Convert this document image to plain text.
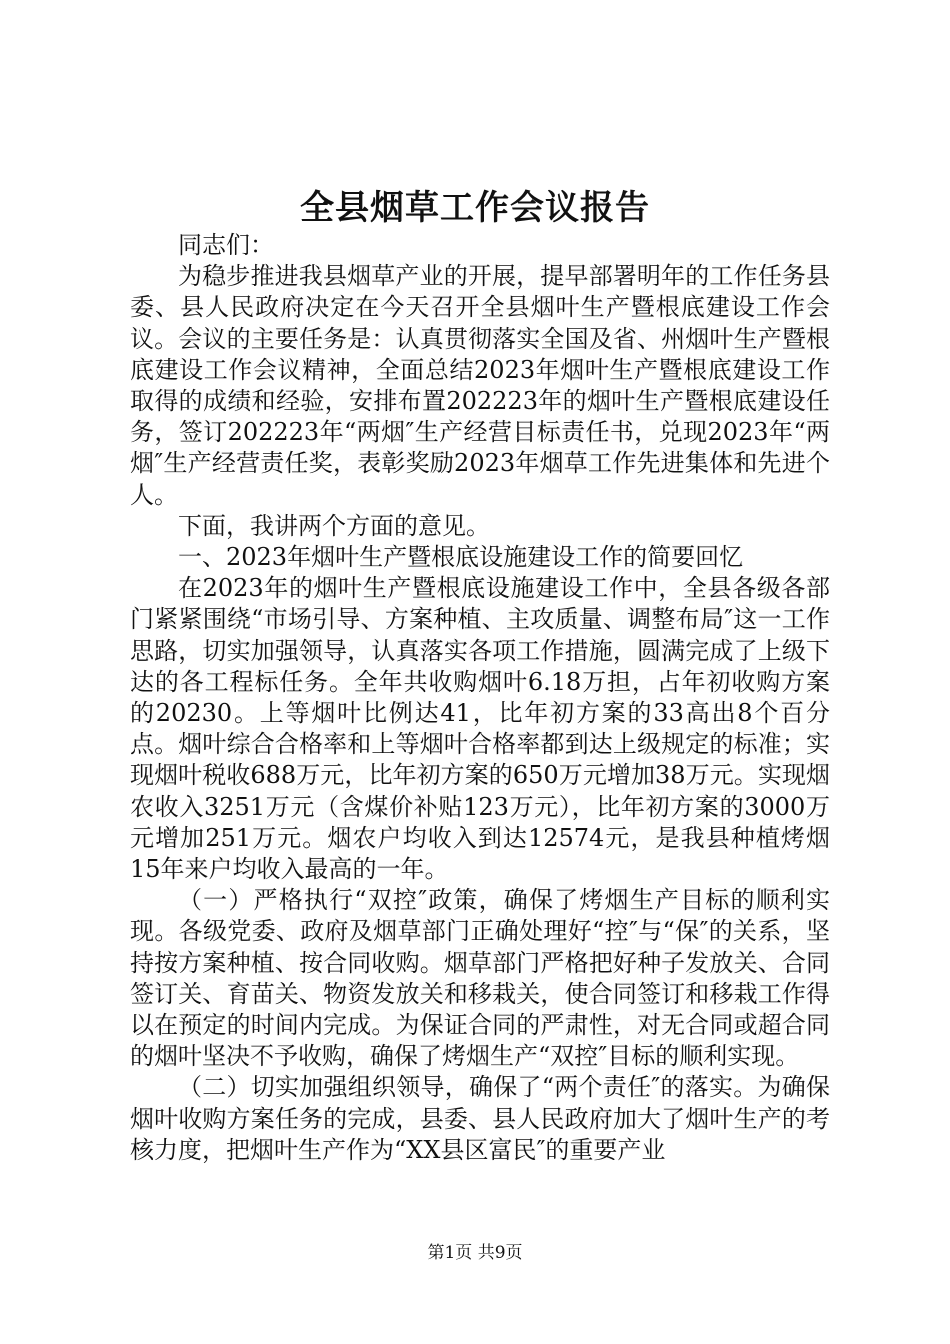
全县烟草工作会议报告

同志们：

为稳步推进我县烟草产业的开展，提早部署明年的工作任务县委、县人民政府决定在今天召开全县烟叶生产暨根底建设工作会议。会议的主要任务是：认真贯彻落实全国及省、州烟叶生产暨根底建设工作会议精神，全面总结2023年烟叶生产暨根底建设工作取得的成绩和经验，安排布置202223年的烟叶生产暨根底建设任务，签订202223年“两烟″生产经营目标责任书，兑现2023年“两烟″生产经营责任奖，表彰奖励2023年烟草工作先进集体和先进个人。

下面，我讲两个方面的意见。

一、2023年烟叶生产暨根底设施建设工作的简要回忆

在2023年的烟叶生产暨根底设施建设工作中，全县各级各部门紧紧围绕“市场引导、方案种植、主攻质量、调整布局″这一工作思路，切实加强领导，认真落实各项工作措施，圆满完成了上级下达的各工程标任务。全年共收购烟叶6.18万担，占年初收购方案的20230。上等烟叶比例达41，比年初方案的33高出8个百分点。烟叶综合合格率和上等烟叶合格率都到达上级规定的标准；实现烟叶税收688万元，比年初方案的650万元增加38万元。实现烟农收入3251万元（含煤价补贴123万元），比年初方案的3000万元增加251万元。烟农户均收入到达12574元，是我县种植烤烟15年来户均收入最高的一年。

（一）严格执行“双控″政策，确保了烤烟生产目标的顺利实现。各级党委、政府及烟草部门正确处理好“控″与“保″的关系，坚持按方案种植、按合同收购。烟草部门严格把好种子发放关、合同签订关、育苗关、物资发放关和移栽关，使合同签订和移栽工作得以在预定的时间内完成。为保证合同的严肃性，对无合同或超合同的烟叶坚决不予收购，确保了烤烟生产“双控″目标的顺利实现。

（二）切实加强组织领导，确保了“两个责任″的落实。为确保烟叶收购方案任务的完成，县委、县人民政府加大了烟叶生产的考核力度，把烟叶生产作为“XX县区富民″的重要产业

第1页 共9页
